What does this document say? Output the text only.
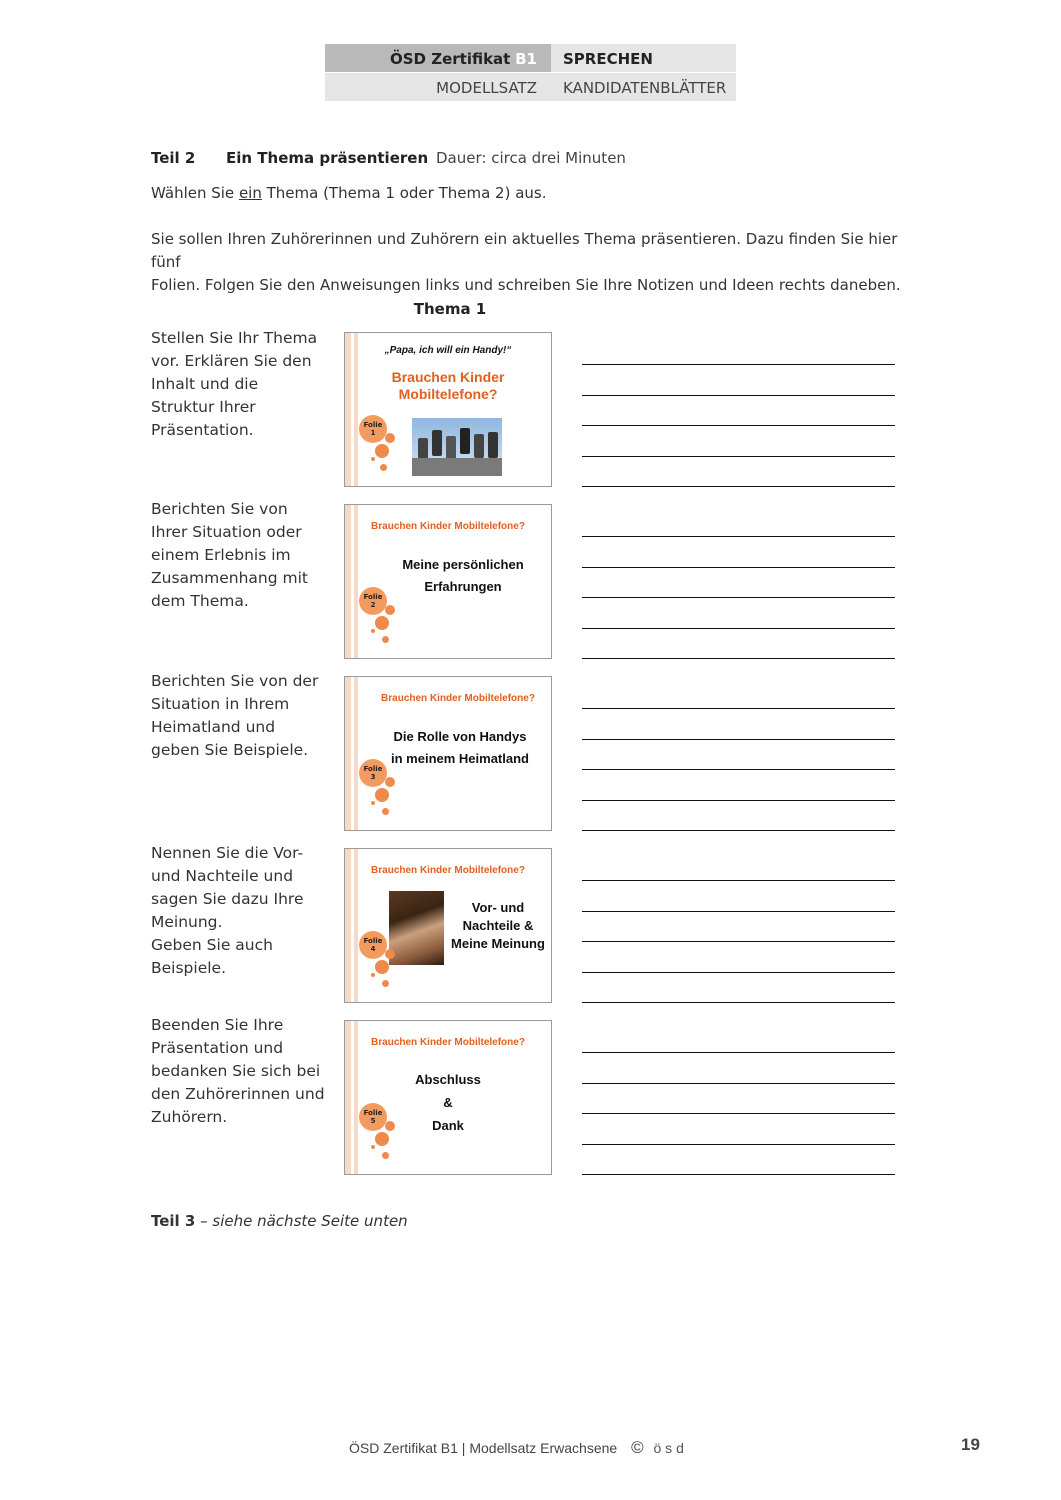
ÖSD Zertifikat B1	SPRECHEN
MODELLSATZ	KANDIDATENBLÄTTER
Teil 2 Ein Thema präsentieren Dauer: circa drei Minuten
Wählen Sie ein Thema (Thema 1 oder Thema 2) aus.
Sie sollen Ihren Zuhörerinnen und Zuhörern ein aktuelles Thema präsentieren. Dazu finden Sie hier fünf
Folien. Folgen Sie den Anweisungen links und schreiben Sie Ihre Notizen und Ideen rechts daneben.
Thema 1
Stellen Sie Ihr Thema vor. Erklären Sie den Inhalt und die Struktur Ihrer Präsentation.
„Papa, ich will ein Handy!“
Brauchen Kinder
Mobiltelefone?
Folie
1
Berichten Sie von Ihrer Situation oder einem Erlebnis im Zusammenhang mit dem Thema.
Brauchen Kinder Mobiltelefone?
Meine persönlichen
Erfahrungen
Folie
2
Berichten Sie von der Situation in Ihrem Heimatland und geben Sie Beispiele.
Brauchen Kinder Mobiltelefone?
Die Rolle von Handys
in meinem Heimatland
Folie
3
Nennen Sie die Vor- und Nachteile und sagen Sie dazu Ihre Meinung.
Geben Sie auch Beispiele.
Brauchen Kinder Mobiltelefone?
Vor- und
Nachteile &
Meine Meinung
Folie
4
Beenden Sie Ihre Präsentation und bedanken Sie sich bei den Zuhörerinnen und Zuhörern.
Brauchen Kinder Mobiltelefone?
Abschluss
&
Dank
Folie
5
Teil 3 – siehe nächste Seite unten
ÖSD Zertifikat B1 | Modellsatz Erwachsene © ö s d	19
